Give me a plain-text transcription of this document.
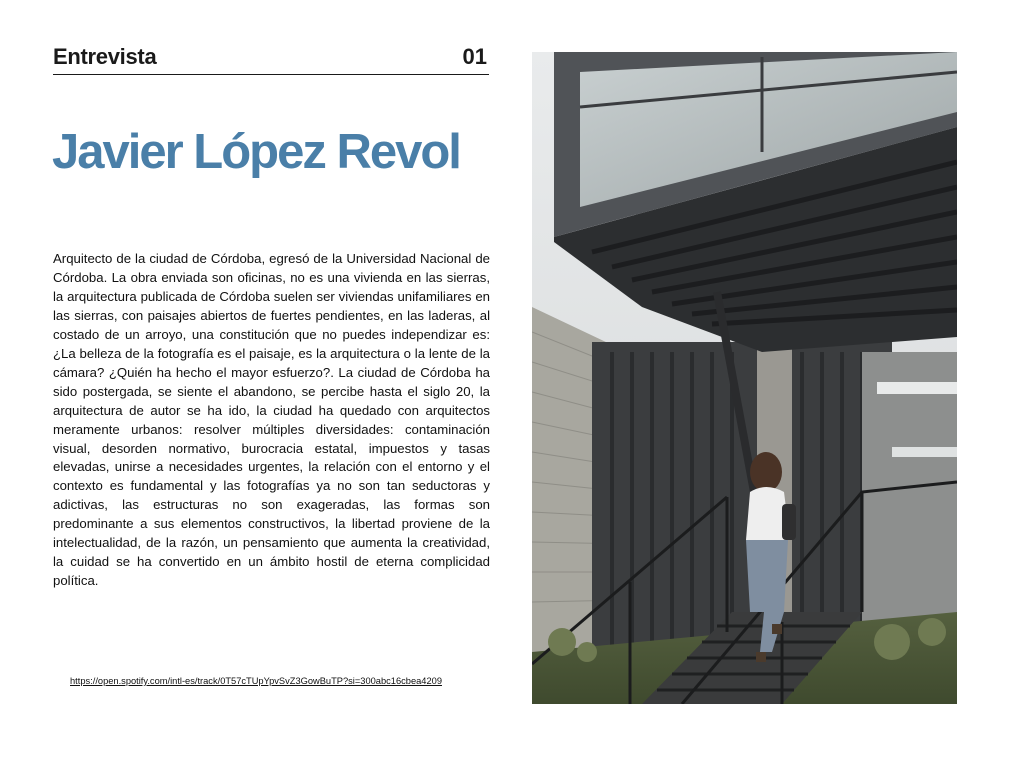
Entrevista	01
Javier López Revol

Arquitecto de la ciudad de Córdoba, egresó de la Universidad Nacional de Córdoba. La obra enviada son oficinas, no es una vivienda en las sierras, la arquitectura publicada de Córdoba suelen ser viviendas unifamiliares en las sierras, con paisajes abiertos de fuertes pendientes, en las laderas, al costado de un arroyo, una constitución que no puedes independizar es: ¿La belleza de la fotografía es el paisaje, es la arquitectura o la lente de la cámara? ¿Quién ha hecho el mayor esfuerzo?. La ciudad de Córdoba ha sido postergada, se siente el abandono, se percibe hasta el siglo 20, la arquitectura de autor se ha ido, la ciudad ha quedado con arquitectos meramente urbanos: resolver múltiples diversidades: contaminación visual, desorden normativo, burocracia estatal, impuestos y tasas elevadas, unirse a necesidades urgentes, la relación con el entorno y el contexto es fundamental y las fotografías ya no son tan seductoras y adictivas, las estructuras no son exageradas, las formas son predominante a sus elementos constructivos, la libertad proviene de la intelectualidad, de la razón, un pensamiento que aumenta la creatividad, la cuidad se ha convertido en un ámbito hostil de eterna complicidad política.

https://open.spotify.com/intl-es/track/0T57cTUpYpvSvZ3GowBuTP?si=300abc16cbea4209
